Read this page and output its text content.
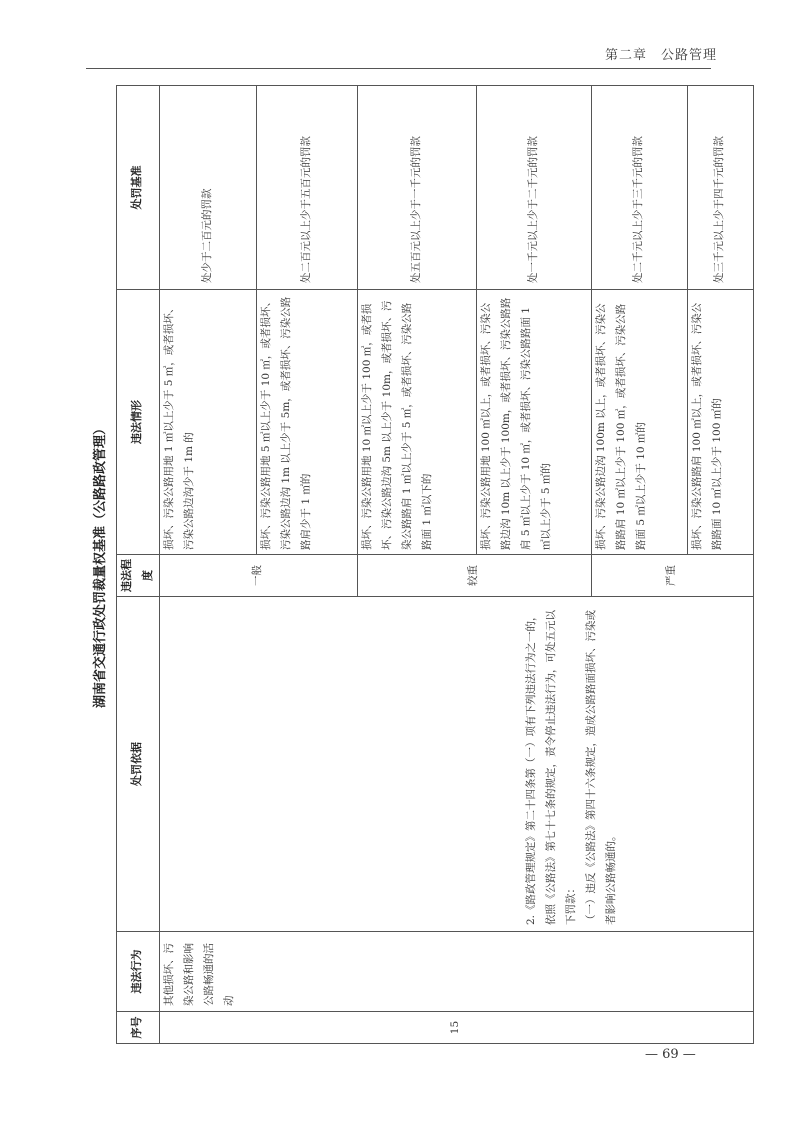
第二章　公路管理
湖南省交通行政处罚裁量权基准（公路路政管理）
序号	违法行为	处罚依据	违法程度	违法情形	处罚基准
15	其他损坏、污染公路和影响公路畅通的活动	2.《路政管理规定》第二十四条第（一）项有下列违法行为之一的，依照《公路法》第七十七条的规定，责令停止违法行为，可处五元以下罚款： （一）违反《公路法》第四十六条规定，造成公路路面损坏、污染或者影响公路畅通的。	一般	损坏、污染公路用地 1 ㎡以上少于 5 ㎡，或者损坏、污染公路边沟少于 1m 的	处少于二百元的罚款

				损坏、污染公路用地 5 ㎡以上少于 10 ㎡，或者损坏、污染公路边沟 1m 以上少于 5m，或者损坏、污染公路路肩少于 1 ㎡的	处二百元以上少于五百元的罚款

			较重	损坏、污染公路用地 10 ㎡以上少于 100 ㎡，或者损坏、污染公路边沟 5m 以上少于 10m，或者损坏、污染公路路肩 1 ㎡以上少于 5 ㎡，或者损坏、污染公路路面 1 ㎡以下的	处五百元以上少于一千元的罚款

				损坏、污染公路用地 100 ㎡以上，或者损坏、污染公路边沟 10m 以上少于 100m，或者损坏、污染公路路肩 5 ㎡以上少于 10 ㎡，或者损坏、污染公路路面 1 ㎡以上少于 5 ㎡的	处一千元以上少于二千元的罚款

			严重	损坏、污染公路边沟 100m 以上，或者损坏、污染公路路肩 10 ㎡以上少于 100 ㎡，或者损坏、污染公路路面 5 ㎡以上少于 10 ㎡的	处二千元以上少于三千元的罚款

				损坏、污染公路路肩 100 ㎡以上，或者损坏、污染公路路面 10 ㎡以上少于 100 ㎡的	处三千元以上少于四千元的罚款
— 69 —
